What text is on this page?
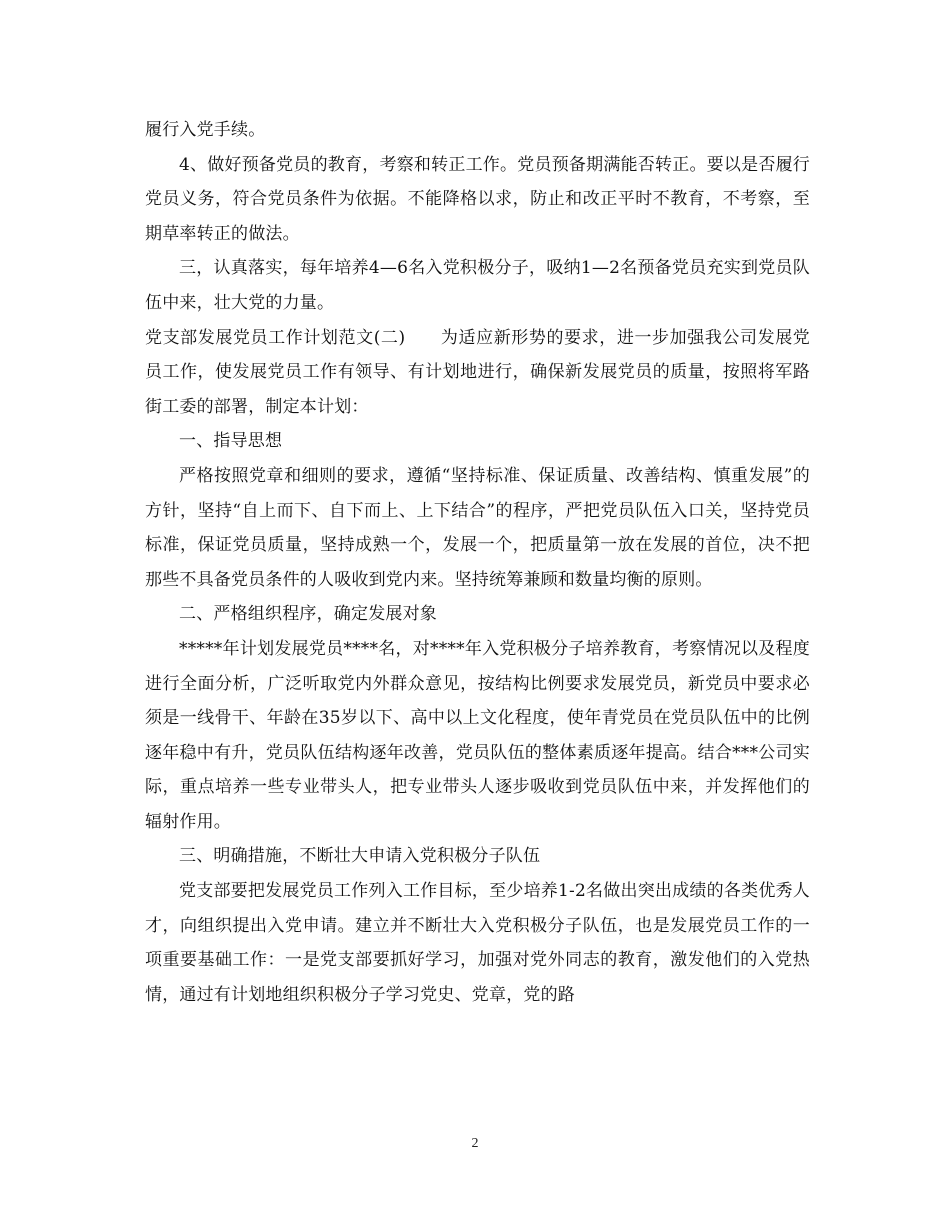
履行入党手续。

4、做好预备党员的教育，考察和转正工作。党员预备期满能否转正。要以是否履行党员义务，符合党员条件为依据。不能降格以求，防止和改正平时不教育，不考察，至期草率转正的做法。

三，认真落实，每年培养4—6名入党积极分子，吸纳1—2名预备党员充实到党员队伍中来，壮大党的力量。

党支部发展党员工作计划范文(二)　　为适应新形势的要求，进一步加强我公司发展党员工作，使发展党员工作有领导、有计划地进行，确保新发展党员的质量，按照将军路街工委的部署，制定本计划：

一、指导思想

严格按照党章和细则的要求，遵循“坚持标准、保证质量、改善结构、慎重发展”的方针，坚持“自上而下、自下而上、上下结合”的程序，严把党员队伍入口关，坚持党员标准，保证党员质量，坚持成熟一个，发展一个，把质量第一放在发展的首位，决不把那些不具备党员条件的人吸收到党内来。坚持统筹兼顾和数量均衡的原则。

二、严格组织程序，确定发展对象

*****年计划发展党员****名，对****年入党积极分子培养教育，考察情况以及程度进行全面分析，广泛听取党内外群众意见，按结构比例要求发展党员，新党员中要求必须是一线骨干、年龄在35岁以下、高中以上文化程度，使年青党员在党员队伍中的比例逐年稳中有升，党员队伍结构逐年改善，党员队伍的整体素质逐年提高。结合***公司实际，重点培养一些专业带头人，把专业带头人逐步吸收到党员队伍中来，并发挥他们的辐射作用。

三、明确措施，不断壮大申请入党积极分子队伍

党支部要把发展党员工作列入工作目标，至少培养1-2名做出突出成绩的各类优秀人才，向组织提出入党申请。建立并不断壮大入党积极分子队伍，也是发展党员工作的一项重要基础工作：一是党支部要抓好学习，加强对党外同志的教育，激发他们的入党热情，通过有计划地组织积极分子学习党史、党章，党的路

2
